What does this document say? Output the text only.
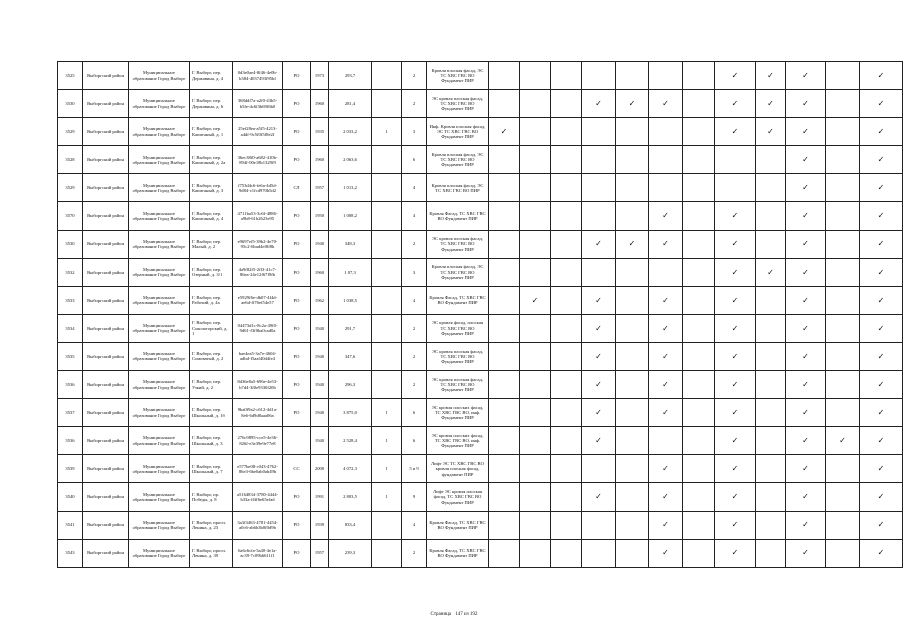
3525	Выборгский район	Муниципальное образование Город Выборг	Г. Выборг, пер. Державина, д. 4	0d3e0ae4-8f46-4e0b-b384-4037493f95bf	РО	1973	293,7		2	Кровля плоская фасад, ЭС ТС ХВС ГВС ВО Фундамент ПИР								✓	✓	✓		✓
3530	Выборгский район	Муниципальное образование Город Выборг	Г. Выборг, пер. Державина, д. 6	368ddf7a-a2f0-43b5-b5fe-dc6f3b69f6b0	РО	1960	281,4		2	ЭС кровля плоская фасад, ТС ХВС ГВС ВО Фундамент ПИР				✓	✓	✓		✓	✓	✓		✓
3529	Выборгский район	Муниципальное образование Город Выборг	Г. Выборг, пер. Капитаный, д. 1	25ef28ea-a5f5-4213-a4df-9c5f0f5f8e2f	РО	1935	2 033,2	1	3	Инф. Кровля плоская фасад, ЭС ТС ХВС ГВС ВО Фундамент ПИР	✓							✓	✓	✓		✓
3528	Выборгский район	Муниципальное образование Город Выборг	Г. Выборг, пер. Капитаный, д. 2а	36ec38f0-a682-410b-894f-00e18b1329f9	РО	1960	2 063,6		6	Кровля плоская фасад, ЭС ТС ХВС ГВС ВО Фундамент ПИР										✓		✓
3529	Выборгский район	Муниципальное образование Город Выборг	Г. Выборг, пер. Капитаный, д. 3	f753d4c6-fe6a-4d5d-9d84-c1fcd970b5d2	СЛ	1957	1 013,2		4	Кровля плоская фасад, ЭС ТС ХВС ГВС ВО ПИР										✓		✓
3570	Выборгский район	Муниципальное образование Город Выборг	Г. Выборг, пер. Капитаный, д. 4	4711ba53-3c6f-4886-a9b8-61b2623e95	РО	1950	1 008,2		4	Кровля Фасад, ТС ХВС ГВС ВО Фундамент ПИР						✓		✓		✓		✓
3530	Выборгский район	Муниципальное образование Город Выборг	Г. Выборг, пер. Малый, д. 2	e9697ef5-39b2-4e70-95c2-6bad4ef8f8b	РО	1940	348,3		2	ЭС кровля плоская фасад, ТС ХВС ГВС ВО Фундамент ПИР				✓	✓	✓		✓		✓		✓
3532	Выборгский район	Муниципальное образование Город Выборг	Г. Выборг, пер. Озерный, д. 3/1	4a9f82f5-2ff3-41c7-86ea-24e12f67f9fb	РО	1960	1 07,3		3	Кровля плоская фасад, ЭС ТС ХВС ГВС ВО Фундамент ПИР								✓	✓	✓		✓
3533	Выборгский район	Муниципальное образование Город Выборг	Г. Выборг, пер. Рабочий, д. 4а	e5929f6e-db07-4f4d-ae6d-ff76ef54e57	РО	1962	1 038,5		4	Кровля Фасад, ТС ХВС ГВС ВО Фундамент ПИР		✓		✓		✓		✓		✓		✓
3534	Выборгский район	Муниципальное образование Город Выборг	Г. Выборг, пер. Сокологорский, д. 1	04473d1c-8c2a-49f0-9d61-f3f0ba0cad0a	РО	1940	291,7		2	ЭС кровля фасад, плоская ТС ХВС ГВС ВО Фундамент ПИР				✓		✓		✓		✓		✓
3535	Выборгский район	Муниципальное образование Город Выборг	Г. Выборг, пер. Сомоватый, д. 2	bae4ea5-3a7e-4604-adbd-f5aaf40d4fe4	РО	1940	347,6		2	ЭС кровля плоская фасад, ТС ХВС ГВС ВО Фундамент ПИР				✓		✓		✓		✓		✓
3536	Выборгский район	Муниципальное образование Город Выборг	Г. Выборг, пер. Узкий, д. 2	8d36e8a5-696e-4e53-b7d4-3f0e9330f20b	РО	1940	296,3		2	ЭС кровля плоская фасад, ТС ХВС ГВС ВО Фундамент ПИР				✓		✓		✓		✓		✓
3537	Выборгский район	Муниципальное образование Город Выборг	Г. Выборг, пер. Школьный, д. 1б	9ba0f9a2-c612-4d1a-8e6-6d9d8aaa06a	РО	1940	3 875,0	1	6	ЭС кровля плоских фасад, ТС ХВС ГВС ВО, инф. Фундамент ПИР				✓		✓		✓		✓		✓
3536	Выборгский район	Муниципальное образование Город Выборг	Г. Выборг, пер. Школьный, д. 3	276c9895-cce5-4e36-826f-e3e39e9e77e8		1940	2 528,4	1	6	ЭС кровля плоских фасад, ТС ХВС ГВС ВО, инф. Фундамент ПИР				✓				✓		✓	✓	✓
3539	Выборгский район	Муниципальное образование Город Выборг	Г. Выборг, пер. Школьный, д. 7	e577be08-c043-4762-86e3-6be0ab0ab49b	СС	2000	4 072,3	1	5 и 9	Лифт ЭС ТС ХВС ГВС ВО кровля плоская фасад, фундамент ПИР						✓		✓		✓		✓
3540	Выборгский район	Муниципальное образование Город Выборг	Г. Выборг, пр. Победы, д. 8	a5164834-3780-4444-b33a-f4ff6e65efad	РО	1991	2 803,5	1	9	Лифт ЭС кровля плоская фасад, ТС ХВС ГВС ВО Фундамент ПИР				✓		✓		✓		✓		✓
3541	Выборгский район	Муниципальное образование Город Выборг	Г. Выборг, просп. Ленина, д. 23	3a3f3463-4781-4454-a0c6-ab6b3b0f0d9b	РО	1939	833,4		4	Кровля Фасад, ТС ХВС ГВС ВО Фундамент ПИР						✓		✓		✓		✓
3543	Выборгский район	Муниципальное образование Город Выборг	Г. Выборг, просп. Ленина, д. 39	6a6c6cfa-5a40-4e1a-ac39-7c09b6611f1	РО	1957	239,3		2	Кровля Фасад, ТС ХВС ГВС ВО Фундамент ПИР						✓		✓		✓		✓
Страница 147 из 192
